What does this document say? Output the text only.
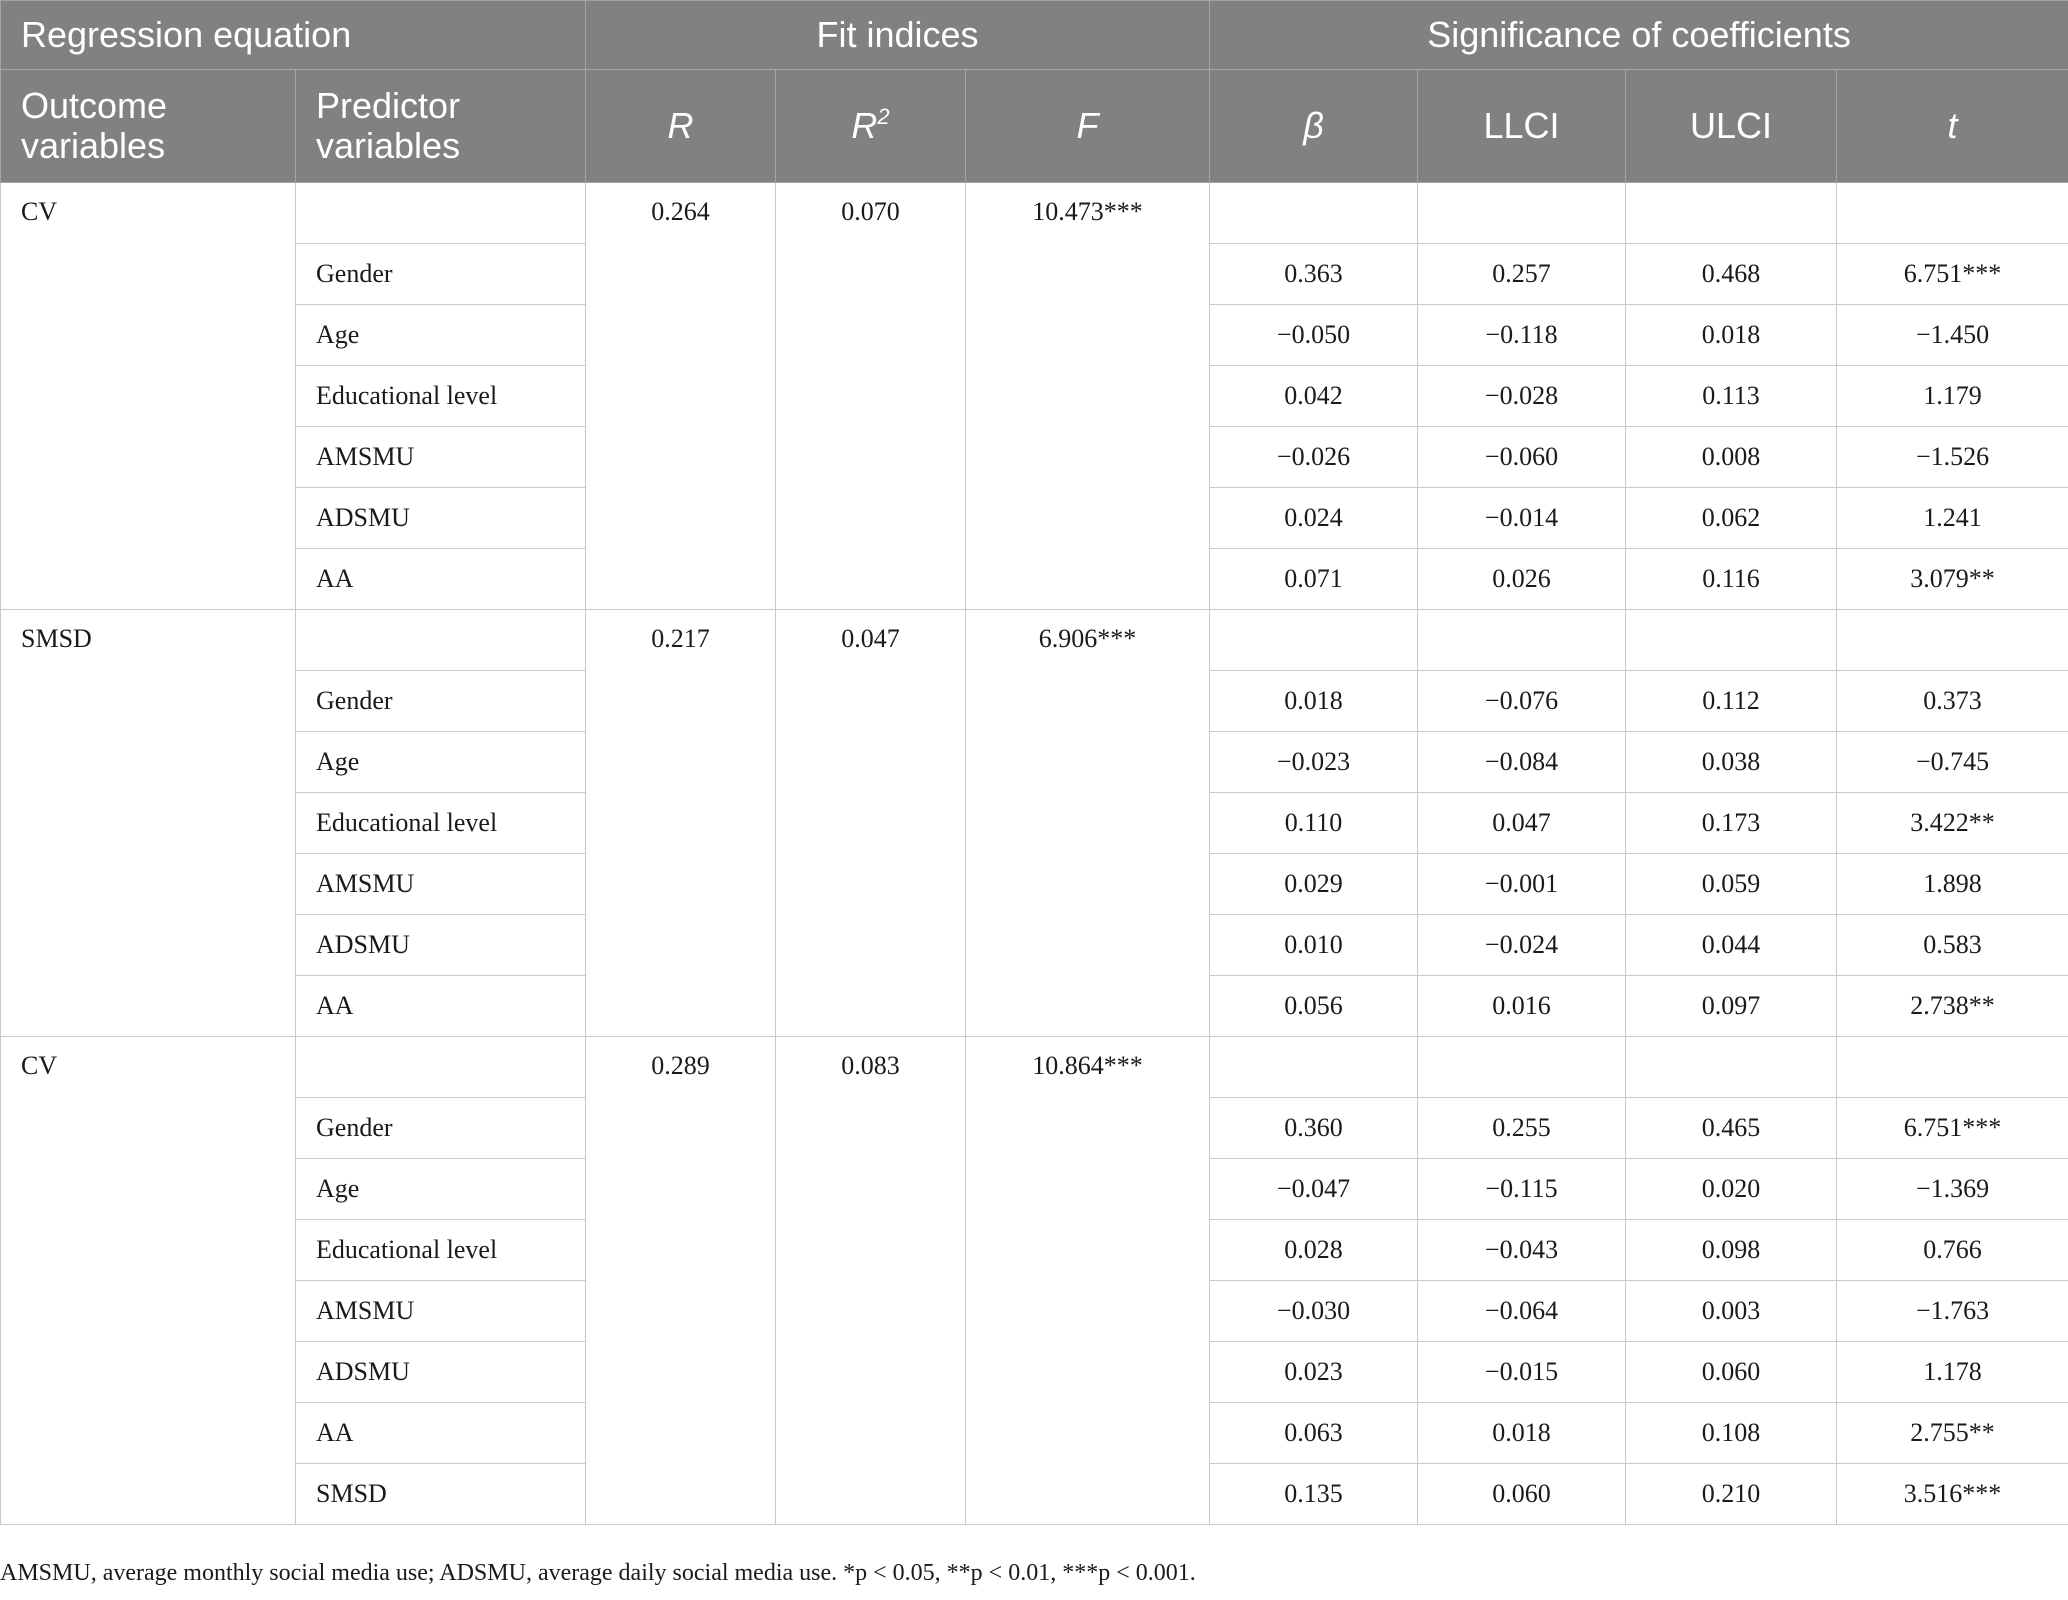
Regression equation		Fit indices			Significance of coefficients			
Outcome variables	Predictor variables	R	$R^2$	F	β	LLCI	ULCI	t
CV		0.264	0.070	10.473***				
	Gender				0.363	0.257	0.468	6.751***
	Age				−0.050	−0.118	0.018	−1.450
	Educational level				0.042	−0.028	0.113	1.179
	AMSMU				−0.026	−0.060	0.008	−1.526
	ADSMU				0.024	−0.014	0.062	1.241
	AA				0.071	0.026	0.116	3.079**
SMSD		0.217	0.047	6.906***				
	Gender				0.018	−0.076	0.112	0.373
	Age				−0.023	−0.084	0.038	−0.745
	Educational level				0.110	0.047	0.173	3.422**
	AMSMU				0.029	−0.001	0.059	1.898
	ADSMU				0.010	−0.024	0.044	0.583
	AA				0.056	0.016	0.097	2.738**
CV		0.289	0.083	10.864***				
	Gender				0.360	0.255	0.465	6.751***
	Age				−0.047	−0.115	0.020	−1.369
	Educational level				0.028	−0.043	0.098	0.766
	AMSMU				−0.030	−0.064	0.003	−1.763
	ADSMU				0.023	−0.015	0.060	1.178
	AA				0.063	0.018	0.108	2.755**
	SMSD				0.135	0.060	0.210	3.516***
AMSMU, average monthly social media use; ADSMU, average daily social media use. *p < 0.05, **p < 0.01, ***p < 0.001.
